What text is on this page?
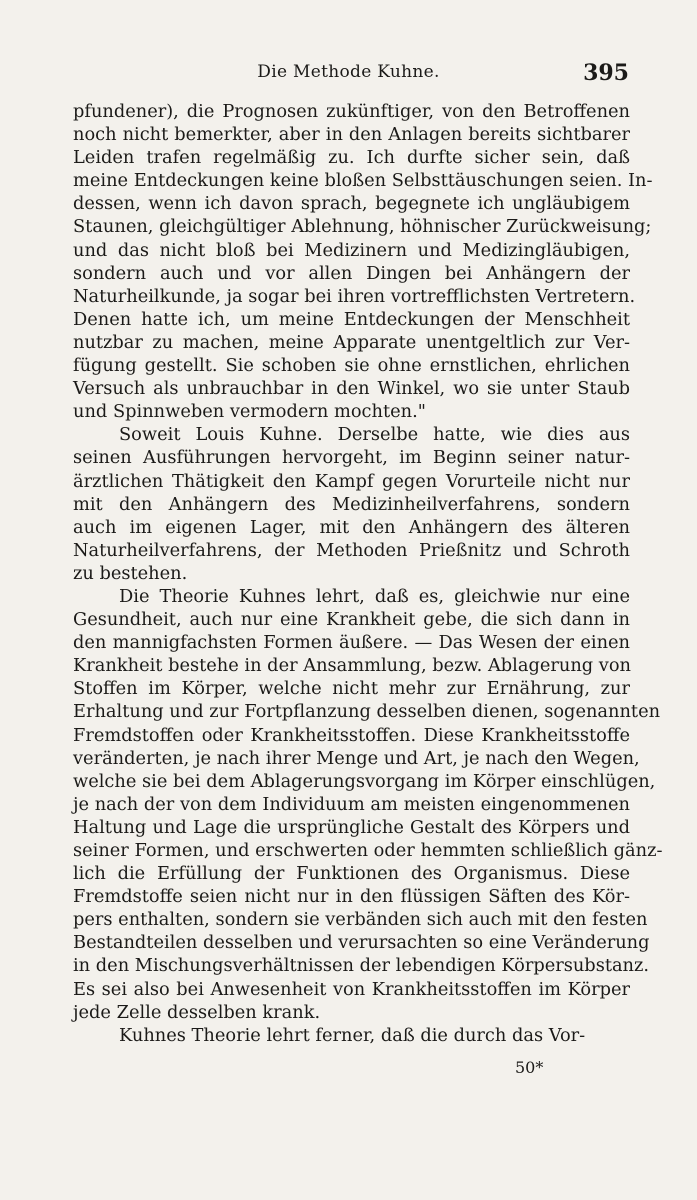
Die Methode Kuhne.	395
pfundener), die Prognosen zukünftiger, von den Betroffenen
noch nicht bemerkter, aber in den Anlagen bereits sichtbarer
Leiden trafen regelmäßig zu. Ich durfte sicher sein, daß
meine Entdeckungen keine bloßen Selbsttäuschungen seien. In-
dessen, wenn ich davon sprach, begegnete ich ungläubigem
Staunen, gleichgültiger Ablehnung, höhnischer Zurückweisung;
und das nicht bloß bei Medizinern und Medizingläubigen,
sondern auch und vor allen Dingen bei Anhängern der
Naturheilkunde, ja sogar bei ihren vortrefflichsten Vertretern.
Denen hatte ich, um meine Entdeckungen der Menschheit
nutzbar zu machen, meine Apparate unentgeltlich zur Ver-
fügung gestellt. Sie schoben sie ohne ernstlichen, ehrlichen
Versuch als unbrauchbar in den Winkel, wo sie unter Staub
und Spinnweben vermodern mochten."
Soweit Louis Kuhne. Derselbe hatte, wie dies aus
seinen Ausführungen hervorgeht, im Beginn seiner natur-
ärztlichen Thätigkeit den Kampf gegen Vorurteile nicht nur
mit den Anhängern des Medizinheilverfahrens, sondern
auch im eigenen Lager, mit den Anhängern des älteren
Naturheilverfahrens, der Methoden Prießnitz und Schroth
zu bestehen.
Die Theorie Kuhnes lehrt, daß es, gleichwie nur eine
Gesundheit, auch nur eine Krankheit gebe, die sich dann in
den mannigfachsten Formen äußere. — Das Wesen der einen
Krankheit bestehe in der Ansammlung, bezw. Ablagerung von
Stoffen im Körper, welche nicht mehr zur Ernährung, zur
Erhaltung und zur Fortpflanzung desselben dienen, sogenannten
Fremdstoffen oder Krankheitsstoffen. Diese Krankheitsstoffe
veränderten, je nach ihrer Menge und Art, je nach den Wegen,
welche sie bei dem Ablagerungsvorgang im Körper einschlügen,
je nach der von dem Individuum am meisten eingenommenen
Haltung und Lage die ursprüngliche Gestalt des Körpers und
seiner Formen, und erschwerten oder hemmten schließlich gänz-
lich die Erfüllung der Funktionen des Organismus. Diese
Fremdstoffe seien nicht nur in den flüssigen Säften des Kör-
pers enthalten, sondern sie verbänden sich auch mit den festen
Bestandteilen desselben und verursachten so eine Veränderung
in den Mischungsverhältnissen der lebendigen Körpersubstanz.
Es sei also bei Anwesenheit von Krankheitsstoffen im Körper
jede Zelle desselben krank.
Kuhnes Theorie lehrt ferner, daß die durch das Vor-
50*
